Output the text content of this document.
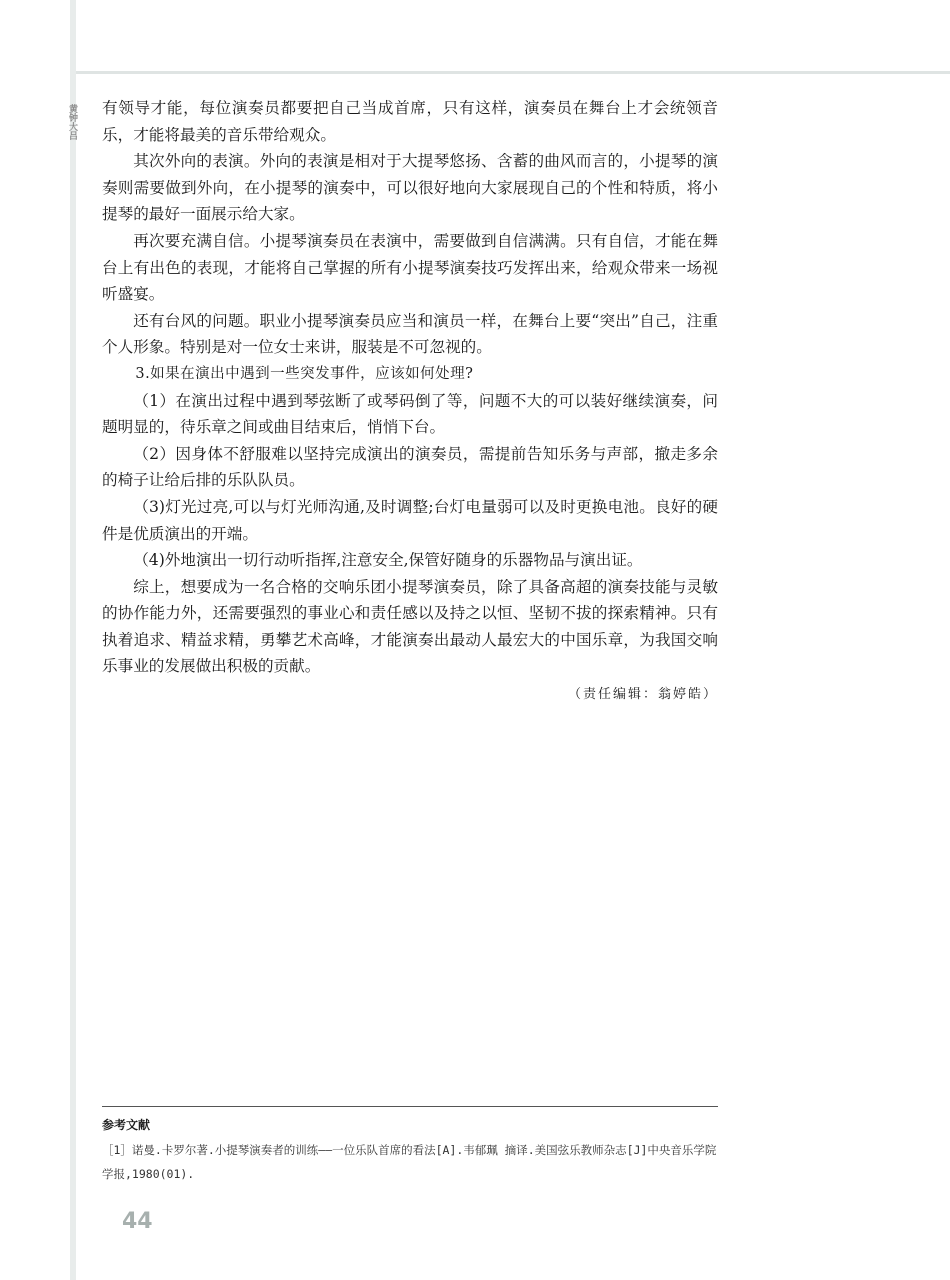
黄钟大吕 有领导才能，每位演奏员都要把自己当成首席，只有这样，演奏员在舞台上才会统领音乐，才能将最美的音乐带给观众。

其次外向的表演。外向的表演是相对于大提琴悠扬、含蓄的曲风而言的，小提琴的演奏则需要做到外向，在小提琴的演奏中，可以很好地向大家展现自己的个性和特质，将小提琴的最好一面展示给大家。

再次要充满自信。小提琴演奏员在表演中，需要做到自信满满。只有自信，才能在舞台上有出色的表现，才能将自己掌握的所有小提琴演奏技巧发挥出来，给观众带来一场视听盛宴。

还有台风的问题。职业小提琴演奏员应当和演员一样，在舞台上要“突出”自己，注重个人形象。特别是对一位女士来讲，服装是不可忽视的。

3.如果在演出中遇到一些突发事件，应该如何处理?

（1）在演出过程中遇到琴弦断了或琴码倒了等，问题不大的可以装好继续演奏，问题明显的，待乐章之间或曲目结束后，悄悄下台。

（2）因身体不舒服难以坚持完成演出的演奏员，需提前告知乐务与声部，撤走多余的椅子让给后排的乐队队员。

（3)灯光过亮,可以与灯光师沟通,及时调整;台灯电量弱可以及时更换电池。良好的硬件是优质演出的开端。

（4)外地演出一切行动听指挥,注意安全,保管好随身的乐器物品与演出证。

综上，想要成为一名合格的交响乐团小提琴演奏员，除了具备高超的演奏技能与灵敏的协作能力外，还需要强烈的事业心和责任感以及持之以恒、坚韧不拔的探索精神。只有执着追求、精益求精，勇攀艺术高峰，才能演奏出最动人最宏大的中国乐章，为我国交响乐事业的发展做出积极的贡献。

（责任编辑：翁婷皓）

参考文献
［1］诺曼.卡罗尔著.小提琴演奏者的训练——一位乐队首席的看法[A].韦郁珮 摘译.美国弦乐教师杂志[J]中央音乐学院学报,1980(01).
44
